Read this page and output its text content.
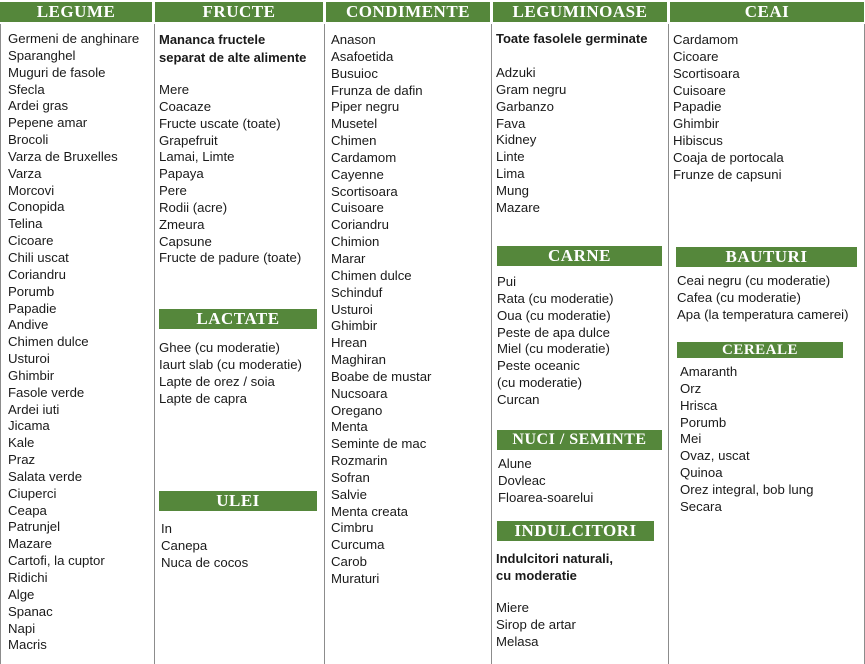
LEGUME	FRUCTE	CONDIMENTE	LEGUMINOASE	CEAI
Germeni de anghinare
Sparanghel
Muguri de fasole
Sfecla
Ardei gras
Pepene amar
Brocoli
Varza de Bruxelles
Varza
Morcovi
Conopida
Telina
Cicoare
Chili uscat
Coriandru
Porumb
Papadie
Andive
Chimen dulce
Usturoi
Ghimbir
Fasole verde
Ardei iuti
Jicama
Kale
Praz
Salata verde
Ciuperci
Ceapa
Patrunjel
Mazare
Cartofi, la cuptor
Ridichi
Alge
Spanac
Napi
Macris
Mananca fructele
separat de alte alimente
Mere
Coacaze
Fructe uscate (toate)
Grapefruit
Lamai, Limte
Papaya
Pere
Rodii (acre)
Zmeura
Capsune
Fructe de padure (toate)
LACTATE
Ghee (cu moderatie)
Iaurt slab (cu moderatie)
Lapte de orez / soia
Lapte de capra
ULEI
In
Canepa
Nuca de cocos
Anason
Asafoetida
Busuioc
Frunza de dafin
Piper negru
Musetel
Chimen
Cardamom
Cayenne
Scortisoara
Cuisoare
Coriandru
Chimion
Marar
Chimen dulce
Schinduf
Usturoi
Ghimbir
Hrean
Maghiran
Boabe de mustar
Nucsoara
Oregano
Menta
Seminte de mac
Rozmarin
Sofran
Salvie
Menta creata
Cimbru
Curcuma
Carob
Muraturi
Toate fasolele germinate
Adzuki
Gram negru
Garbanzo
Fava
Kidney
Linte
Lima
Mung
Mazare
CARNE
Pui
Rata (cu moderatie)
Oua (cu moderatie)
Peste de apa dulce
Miel (cu moderatie)
Peste oceanic
(cu moderatie)
Curcan
NUCI / SEMINTE
Alune
Dovleac
Floarea-soarelui
INDULCITORI
Indulcitori naturali,
cu moderatie
Miere
Sirop de artar
Melasa
Cardamom
Cicoare
Scortisoara
Cuisoare
Papadie
Ghimbir
Hibiscus
Coaja de portocala
Frunze de capsuni
BAUTURI
Ceai negru (cu moderatie)
Cafea (cu moderatie)
Apa (la temperatura camerei)
CEREALE
Amaranth
Orz
Hrisca
Porumb
Mei
Ovaz, uscat
Quinoa
Orez integral, bob lung
Secara
